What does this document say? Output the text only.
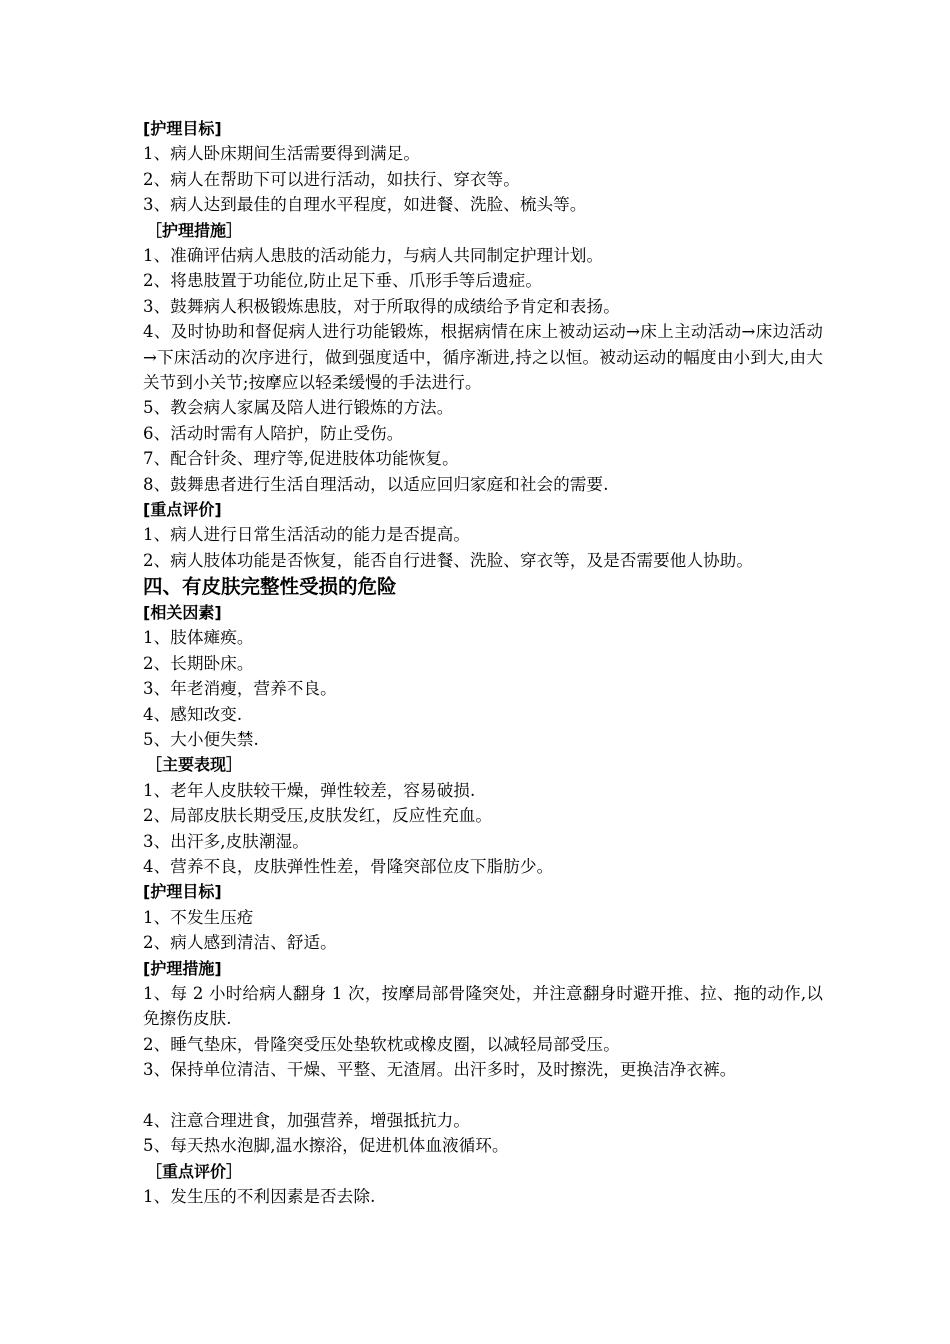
[护理目标]
1、病人卧床期间生活需要得到满足。
2、病人在帮助下可以进行活动，如扶行、穿衣等。
3、病人达到最佳的自理水平程度，如进餐、洗脸、梳头等。
［护理措施］
1、准确评估病人患肢的活动能力，与病人共同制定护理计划。
2、将患肢置于功能位,防止足下垂、爪形手等后遗症。
3、鼓舞病人积极锻炼患肢，对于所取得的成绩给予肯定和表扬。
4、及时协助和督促病人进行功能锻炼，根据病情在床上被动运动→床上主动活动→床边活动→下床活动的次序进行，做到强度适中，循序渐进,持之以恒。被动运动的幅度由小到大,由大关节到小关节;按摩应以轻柔缓慢的手法进行。
5、教会病人家属及陪人进行锻炼的方法。
6、活动时需有人陪护，防止受伤。
7、配合针灸、理疗等,促进肢体功能恢复。
8、鼓舞患者进行生活自理活动，以适应回归家庭和社会的需要.
[重点评价]
1、病人进行日常生活活动的能力是否提高。
2、病人肢体功能是否恢复，能否自行进餐、洗脸、穿衣等，及是否需要他人协助。
四、有皮肤完整性受损的危险
[相关因素]
1、肢体瘫痪。
2、长期卧床。
3、年老消瘦，营养不良。
4、感知改变.
5、大小便失禁.
［主要表现］
1、老年人皮肤较干燥，弹性较差，容易破损.
2、局部皮肤长期受压,皮肤发红，反应性充血。
3、出汗多,皮肤潮湿。
4、营养不良，皮肤弹性性差，骨隆突部位皮下脂肪少。
[护理目标]
1、不发生压疮
2、病人感到清洁、舒适。
[护理措施]
1、每 2 小时给病人翻身 1 次，按摩局部骨隆突处，并注意翻身时避开推、拉、拖的动作,以免擦伤皮肤.
2、睡气垫床，骨隆突受压处垫软枕或橡皮圈，以减轻局部受压。
3、保持单位清洁、干燥、平整、无渣屑。出汗多时，及时擦洗，更换洁净衣裤。
4、注意合理进食，加强营养，增强抵抗力。
5、每天热水泡脚,温水擦浴，促进机体血液循环。
［重点评价］
1、发生压的不利因素是否去除.
